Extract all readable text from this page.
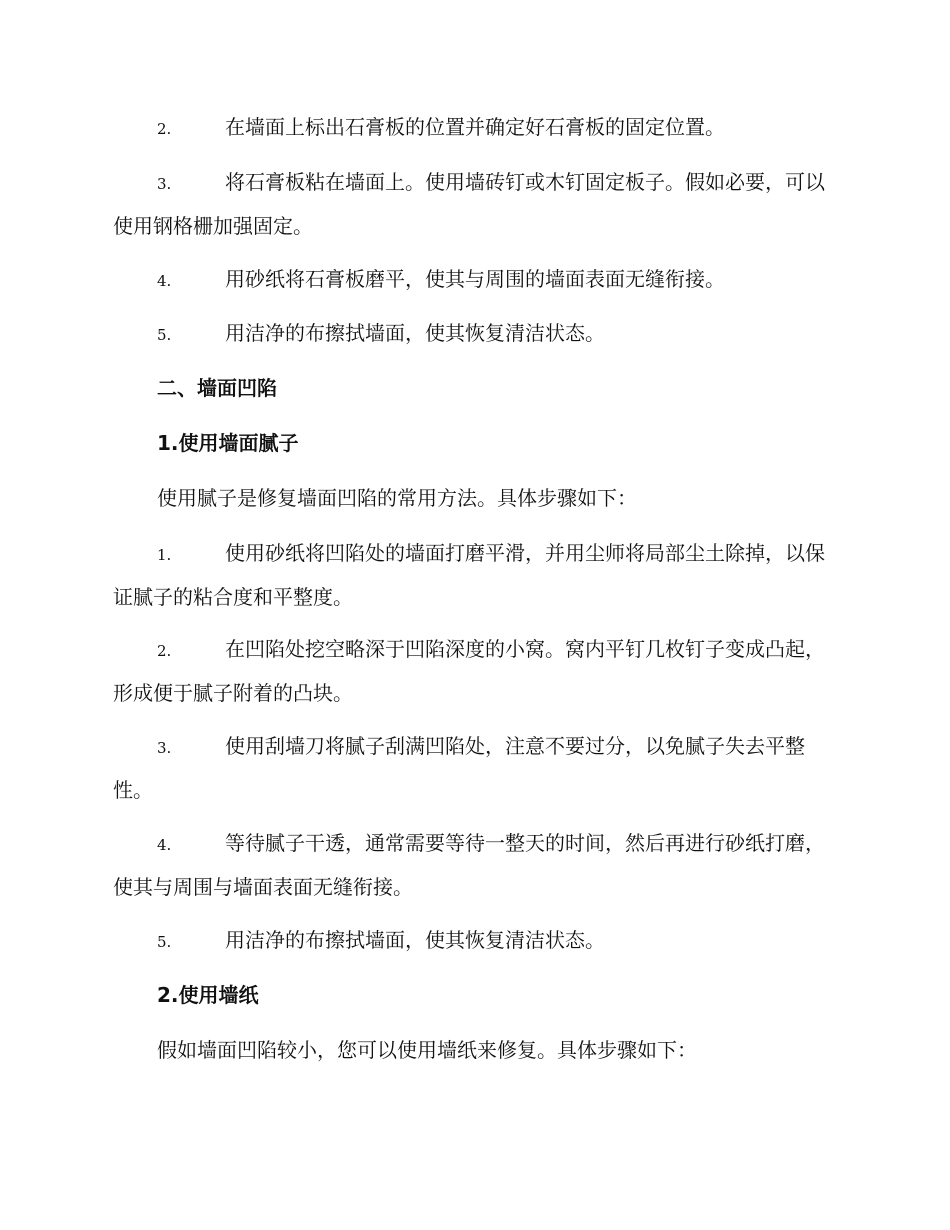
2.	在墙面上标出石膏板的位置并确定好石膏板的固定位置。

3.	将石膏板粘在墙面上。使用墙砖钉或木钉固定板子。假如必要，可以使用钢格栅加强固定。

4.	用砂纸将石膏板磨平，使其与周围的墙面表面无缝衔接。

5.	用洁净的布擦拭墙面，使其恢复清洁状态。

二、墙面凹陷

1.使用墙面腻子

使用腻子是修复墙面凹陷的常用方法。具体步骤如下：

1.	使用砂纸将凹陷处的墙面打磨平滑，并用尘师将局部尘土除掉，以保证腻子的粘合度和平整度。

2.	在凹陷处挖空略深于凹陷深度的小窝。窝内平钉几枚钉子变成凸起，形成便于腻子附着的凸块。

3.	使用刮墙刀将腻子刮满凹陷处，注意不要过分，以免腻子失去平整性。

4.	等待腻子干透，通常需要等待一整天的时间，然后再进行砂纸打磨，使其与周围与墙面表面无缝衔接。

5.	用洁净的布擦拭墙面，使其恢复清洁状态。

2.使用墙纸

假如墙面凹陷较小，您可以使用墙纸来修复。具体步骤如下：
